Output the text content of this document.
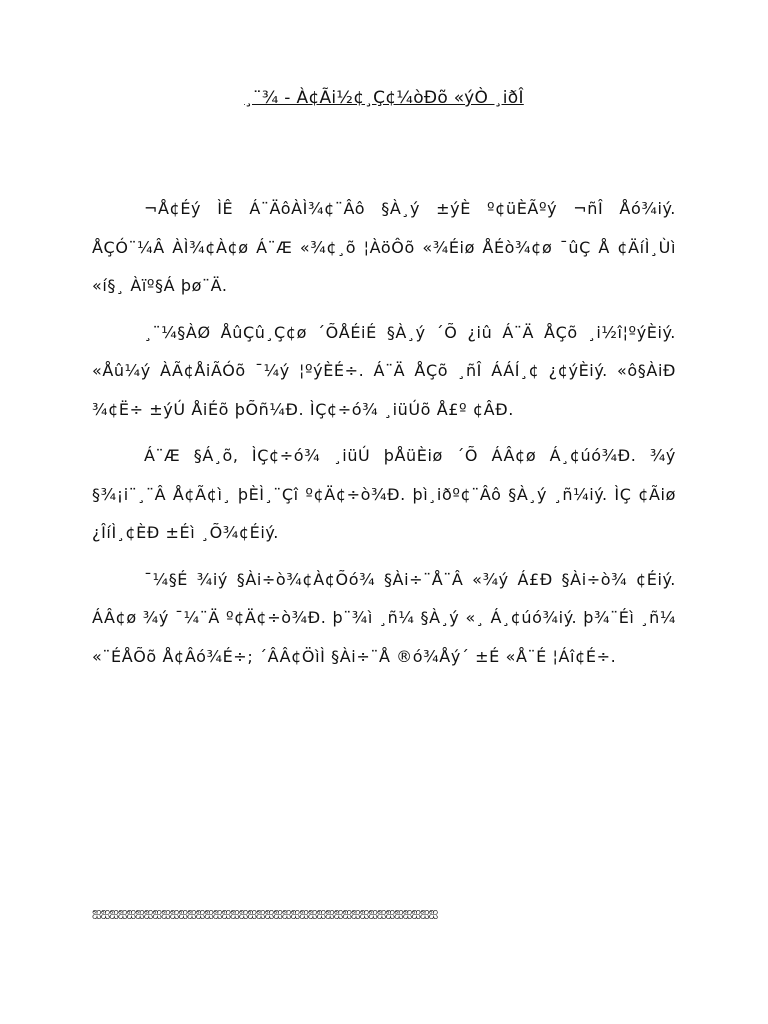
¸¨¾ - À¢Ãi½¢¸Ç¢¼òÐõ «ýÒ ¸iðÎ

¬Å¢Éý ÌÊ Á¨ÄôÀÌ¾¢¨Âô §À¸ý ±ýÈ º¢üÈÃºý ¬ñÎ Åó¾iý. ÅÇÓ¨¼Â ÀÌ¾¢À¢ø Á¨Æ «¾¢¸õ ¦ÀöÔõ «¾Éiø ÅÉò¾¢ø ¯ûÇ Å ¢ÄíÌ¸Ùì «í§¸ Àïº§Á þø¨Ä.

¸¨¼§ÀØ ÅûÇû¸Ç¢ø ´ÕÅÉiÉ §À¸ý ´Õ ¿iû Á¨Ä ÅÇõ ¸i½î¦ºýÈiý. «Åû¼ý ÀÃ¢ÅiÃÓõ ¯¼ý ¦ºýÈÉ÷. Á¨Ä ÅÇõ ¸ñÎ ÁÁÍ¸¢ ¿¢ýÈiý. «ô§ÀiÐ ¾¢Ë÷ ±ýÚ ÅiÉõ þÕñ¼Ð. ÌÇ¢÷ó¾ ¸iüÚõ Å£º ¢ÂÐ.

Á¨Æ §Á¸õ, ÌÇ¢÷ó¾ ¸iüÚ þÅüÈiø ´Õ ÁÂ¢ø Á¸¢úó¾Ð. ¾ý §¾¡i¨¸¨Â Å¢Ã¢ì¸ þÈÌ¸¨Çî º¢Ä¢÷ò¾Ð. þì¸iðº¢¨Âô §À¸ý ¸ñ¼iý. ÌÇ ¢Ãiø ¿ÎíÌ¸¢ÈÐ ±Éì ¸Õ¾¢Éiý.

¯¼§É ¾iý §Ài÷ò¾¢À¢Õó¾ §Ài÷¨Å¨Â «¾ý Á£Ð §Ài÷ò¾ ¢Éiý. ÁÂ¢ø ¾ý ¯¼¨Ä º¢Ä¢÷ò¾Ð. þ¨¾ì ¸ñ¼ §À¸ý «¸ Á¸¢úó¾iý. þ¾¨Éì ¸ñ¼ «¨ÉÅÕõ Å¢Âó¾É÷; ´ÂÂ¢ÖìÌ §Ài÷¨Å ®ó¾Åý´ ±É «Å¨É ¦Áî¢É÷.

ஐஐஐஐஐஐஐஐஐஐஐஐஐஐஐஐஐஐஐஐஐஐஐஐஐஐஐஐஐஐஐஐஐஐஐஐஐஐஐஐ
